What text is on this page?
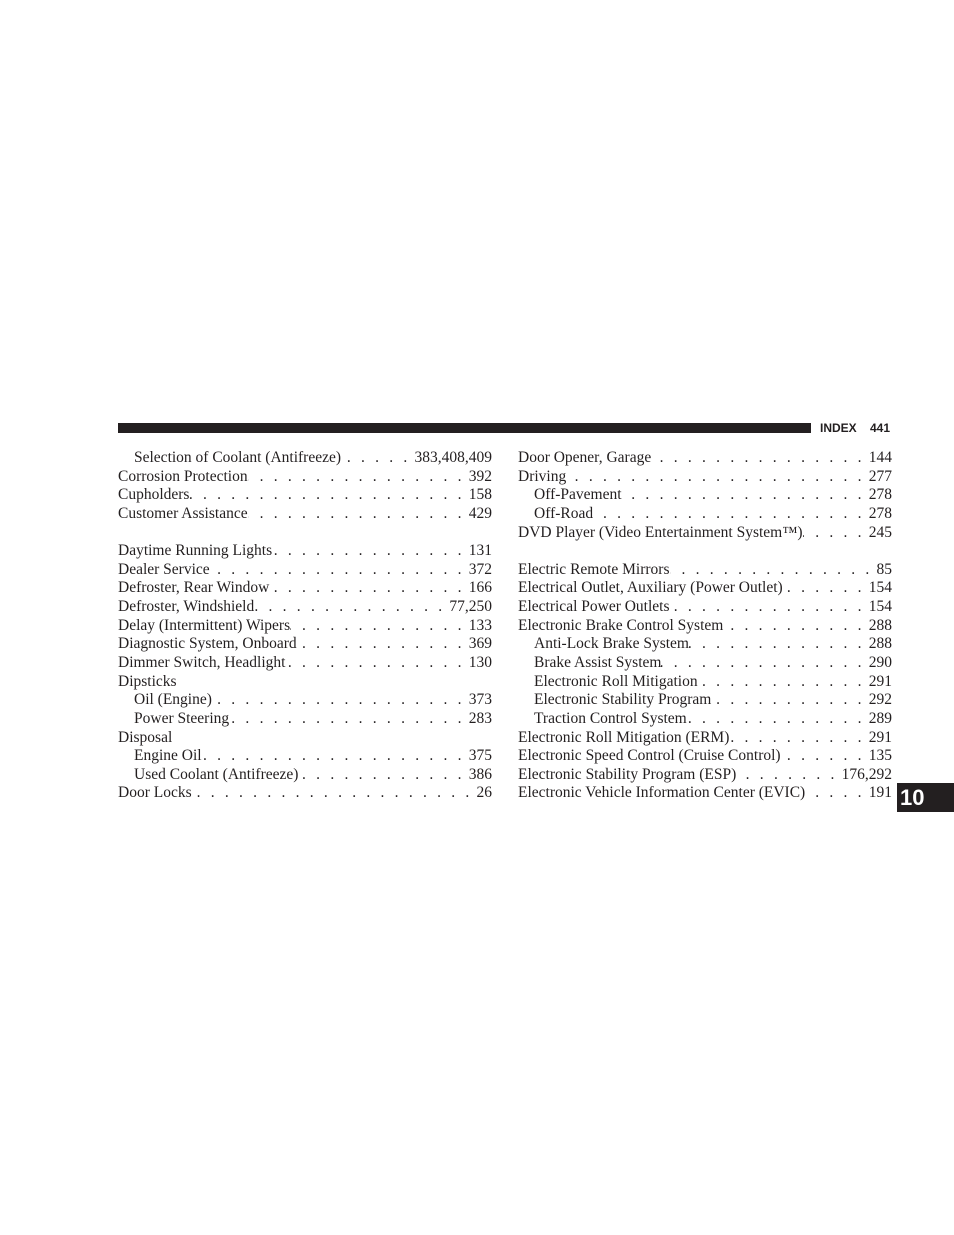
INDEX 441
Selection of Coolant (Antifreeze) . . .	383,408,409
Corrosion Protection . . .	392
Cupholders . . .	158
Customer Assistance . . .	429
Daytime Running Lights . . .	131
Dealer Service . . .	372
Defroster, Rear Window . . .	166
Defroster, Windshield . . .	77,250
Delay (Intermittent) Wipers . . .	133
Diagnostic System, Onboard . . .	369
Dimmer Switch, Headlight . . .	130
Dipsticks
Oil (Engine) . . .	373
Power Steering . . .	283
Disposal
Engine Oil . . .	375
Used Coolant (Antifreeze) . . .	386
Door Locks . . .	26
Door Opener, Garage . . .	144
Driving . . .	277
Off-Pavement . . .	278
Off-Road . . .	278
DVD Player (Video Entertainment System™) . . .	245
Electric Remote Mirrors . . .	85
Electrical Outlet, Auxiliary (Power Outlet) . . .	154
Electrical Power Outlets . . .	154
Electronic Brake Control System . . .	288
Anti-Lock Brake System . . .	288
Brake Assist System . . .	290
Electronic Roll Mitigation . . .	291
Electronic Stability Program . . .	292
Traction Control System . . .	289
Electronic Roll Mitigation (ERM) . . .	291
Electronic Speed Control (Cruise Control) . . .	135
Electronic Stability Program (ESP) . . .	176,292
Electronic Vehicle Information Center (EVIC) . . .	191 10
